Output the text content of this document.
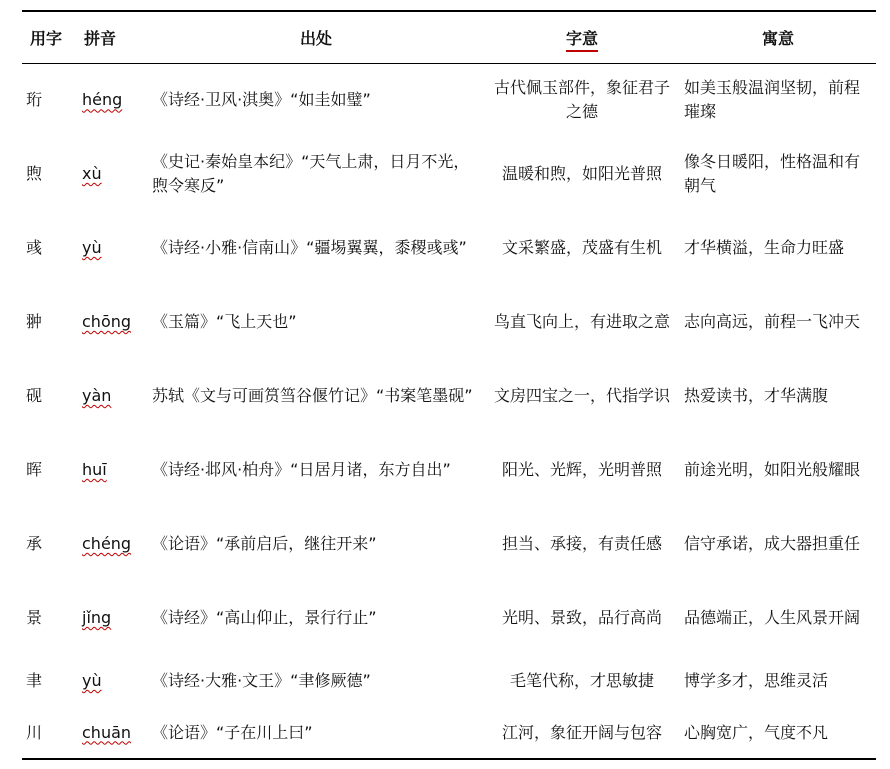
用字	拼音	出处	字意	寓意
珩	héng	《诗经·卫风·淇奥》“如圭如璧”	古代佩玉部件，象征君子之德	如美玉般温润坚韧，前程璀璨
煦	xù	《史记·秦始皇本纪》“天气上肃，日月不光，煦令寒反”	温暖和煦，如阳光普照	像冬日暖阳，性格温和有朝气
彧	yù	《诗经·小雅·信南山》“疆埸翼翼，黍稷彧彧”	文采繁盛，茂盛有生机	才华横溢，生命力旺盛
翀	chōng	《玉篇》“飞上天也”	鸟直飞向上，有进取之意	志向高远，前程一飞冲天
砚	yàn	苏轼《文与可画筼筜谷偃竹记》“书案笔墨砚”	文房四宝之一，代指学识	热爱读书，才华满腹
晖	huī	《诗经·邶风·柏舟》“日居月诸，东方自出”	阳光、光辉，光明普照	前途光明，如阳光般耀眼
承	chéng	《论语》“承前启后，继往开来”	担当、承接，有责任感	信守承诺，成大器担重任
景	jǐng	《诗经》“高山仰止，景行行止”	光明、景致，品行高尚	品德端正，人生风景开阔
聿	yù	《诗经·大雅·文王》“聿修厥德”	毛笔代称，才思敏捷	博学多才，思维灵活
川	chuān	《论语》“子在川上曰”	江河，象征开阔与包容	心胸宽广，气度不凡
